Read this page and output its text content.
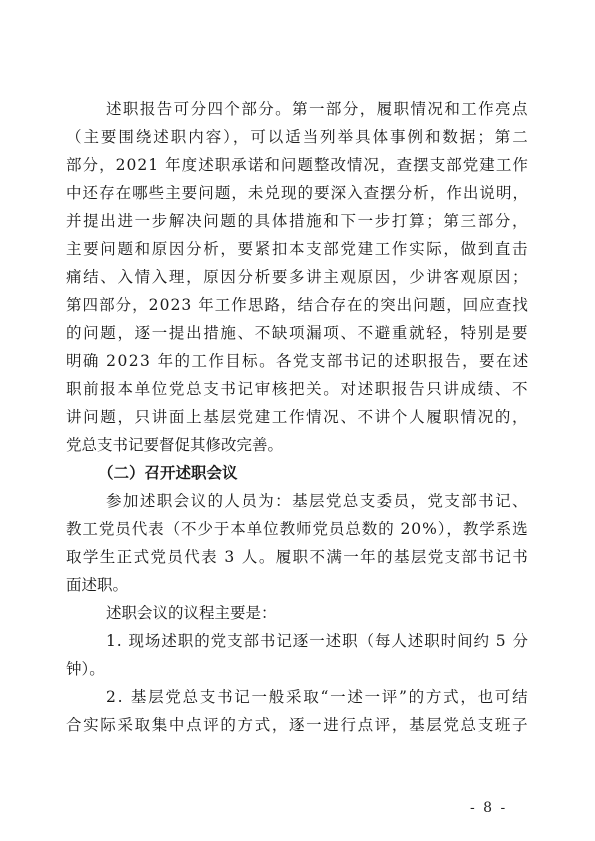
述职报告可分四个部分。第一部分，履职情况和工作亮点
（主要围绕述职内容），可以适当列举具体事例和数据；第二
部分，2021 年度述职承诺和问题整改情况，查摆支部党建工作
中还存在哪些主要问题，未兑现的要深入查摆分析，作出说明，
并提出进一步解决问题的具体措施和下一步打算；第三部分，
主要问题和原因分析，要紧扣本支部党建工作实际，做到直击
痛结、入情入理，原因分析要多讲主观原因，少讲客观原因；
第四部分，2023 年工作思路，结合存在的突出问题，回应查找
的问题，逐一提出措施、不缺项漏项、不避重就轻，特别是要
明确 2023 年的工作目标。各党支部书记的述职报告，要在述
职前报本单位党总支书记审核把关。对述职报告只讲成绩、不
讲问题，只讲面上基层党建工作情况、不讲个人履职情况的，
党总支书记要督促其修改完善。
（二）召开述职会议
参加述职会议的人员为：基层党总支委员，党支部书记、
教工党员代表（不少于本单位教师党员总数的 20%），教学系选
取学生正式党员代表 3 人。履职不满一年的基层党支部书记书
面述职。
述职会议的议程主要是：
1. 现场述职的党支部书记逐一述职（每人述职时间约 5 分
钟）。
2. 基层党总支书记一般采取“一述一评”的方式，也可结
合实际采取集中点评的方式，逐一进行点评，基层党总支班子
- 8 -
